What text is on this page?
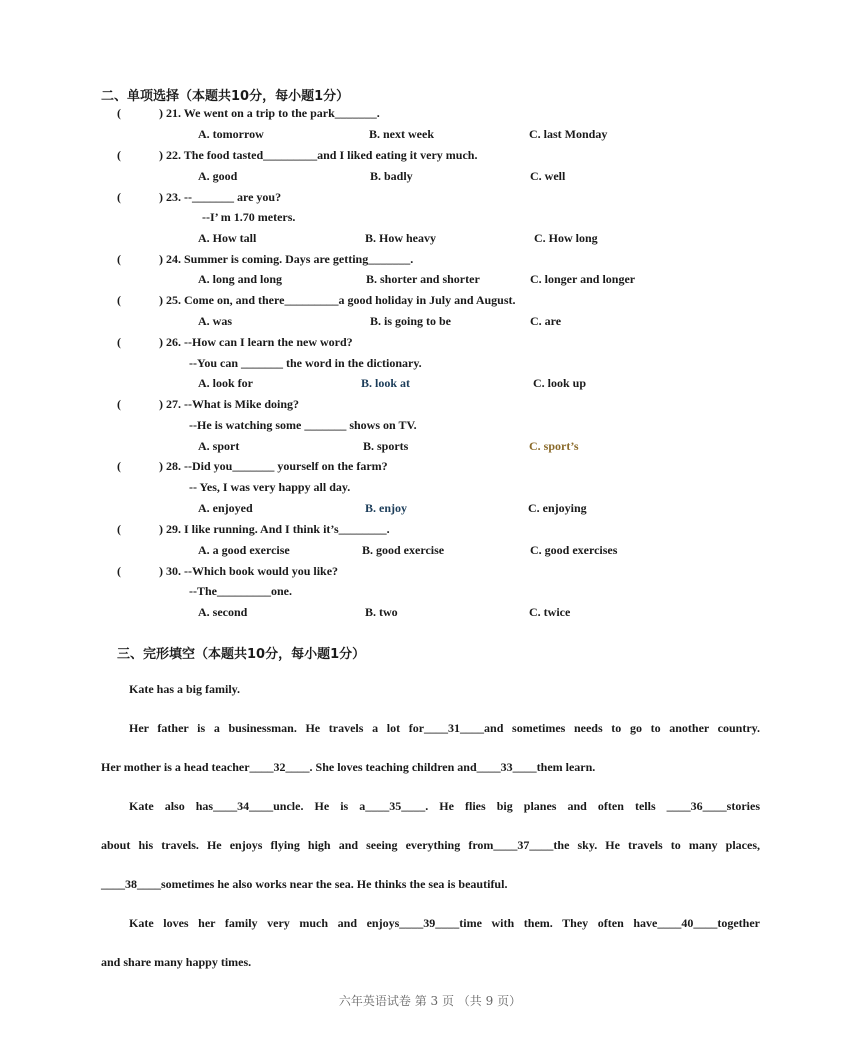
二、单项选择（本题共10分，每小题1分）
(	) 21. We went on a trip to the park_______.
A. tomorrow	B. next week	C. last Monday
(	) 22. The food tasted_________and I liked eating it very much.
A. good	B. badly	C. well
(	) 23. --_______ are you?
--I’ m 1.70 meters.
A. How tall	B. How heavy	C. How long
(	) 24. Summer is coming. Days are getting_______.
A. long and long	B. shorter and shorter	C. longer and longer
(	) 25. Come on, and there_________a good holiday in July and August.
A. was	B. is going to be	C. are
(	) 26. --How can I learn the new word?
--You can _______ the word in the dictionary.
A. look for	B. look at	C. look up
(	) 27. --What is Mike doing?
--He is watching some _______ shows on TV.
A. sport	B. sports	C. sport’s
(	) 28. --Did you_______ yourself on the farm?
-- Yes, I was very happy all day.
A. enjoyed	B. enjoy	C. enjoying
(	) 29. I like running. And I think it’s________.
A. a good exercise	B. good exercise	C. good exercises
(	) 30. --Which book would you like?
--The_________one.
A. second	B. two	C. twice
三、完形填空（本题共10分，每小题1分）
Kate has a big family.
Her father is a businessman. He travels a lot for____31____and sometimes needs to go to another country.
Her mother is a head teacher____32____. She loves teaching children and____33____them learn.
Kate also has____34____uncle. He is a____35____. He flies big planes and often tells ____36____stories
about his travels. He enjoys flying high and seeing everything from____37____the sky. He travels to many places,
____38____sometimes he also works near the sea. He thinks the sea is beautiful.
Kate loves her family very much and enjoys____39____time with them. They often have____40____together
and share many happy times.
六年英语试卷 第 3 页 （共 9 页）
